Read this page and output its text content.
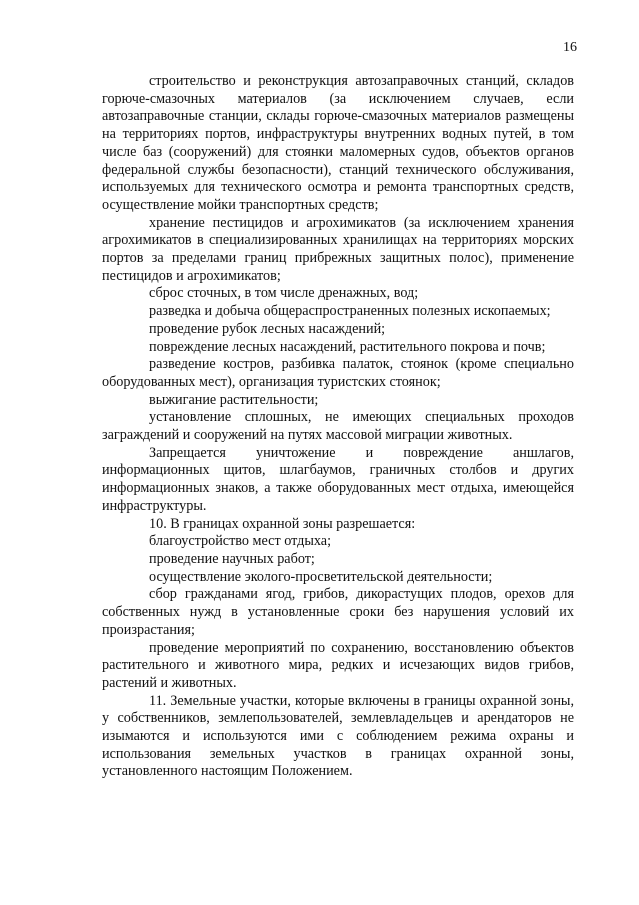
16

строительство и реконструкция автозаправочных станций, складов горюче-смазочных материалов (за исключением случаев, если автозаправочные станции, склады горюче-смазочных материалов размещены на территориях портов, инфраструктуры внутренних водных путей, в том числе баз (сооружений) для стоянки маломерных судов, объектов органов федеральной службы безопасности), станций технического обслуживания, используемых для технического осмотра и ремонта транспортных средств, осуществление мойки транспортных средств;

хранение пестицидов и агрохимикатов (за исключением хранения агрохимикатов в специализированных хранилищах на территориях морских портов за пределами границ прибрежных защитных полос), применение пестицидов и агрохимикатов;

сброс сточных, в том числе дренажных, вод;

разведка и добыча общераспространенных полезных ископаемых;

проведение рубок лесных насаждений;

повреждение лесных насаждений, растительного покрова и почв;

разведение костров, разбивка палаток, стоянок (кроме специально оборудованных мест), организация туристских стоянок;

выжигание растительности;

установление сплошных, не имеющих специальных проходов заграждений и сооружений на путях массовой миграции животных.

Запрещается уничтожение и повреждение аншлагов, информационных щитов, шлагбаумов, граничных столбов и других информационных знаков, а также оборудованных мест отдыха, имеющейся инфраструктуры.

10. В границах охранной зоны разрешается:

благоустройство мест отдыха;

проведение научных работ;

осуществление эколого-просветительской деятельности;

сбор гражданами ягод, грибов, дикорастущих плодов, орехов для собственных нужд в установленные сроки без нарушения условий их произрастания;

проведение мероприятий по сохранению, восстановлению объектов растительного и животного мира, редких и исчезающих видов грибов, растений и животных.

11. Земельные участки, которые включены в границы охранной зоны, у собственников, землепользователей, землевладельцев и арендаторов не изымаются и используются ими с соблюдением режима охраны и использования земельных участков в границах охранной зоны, установленного настоящим Положением.
